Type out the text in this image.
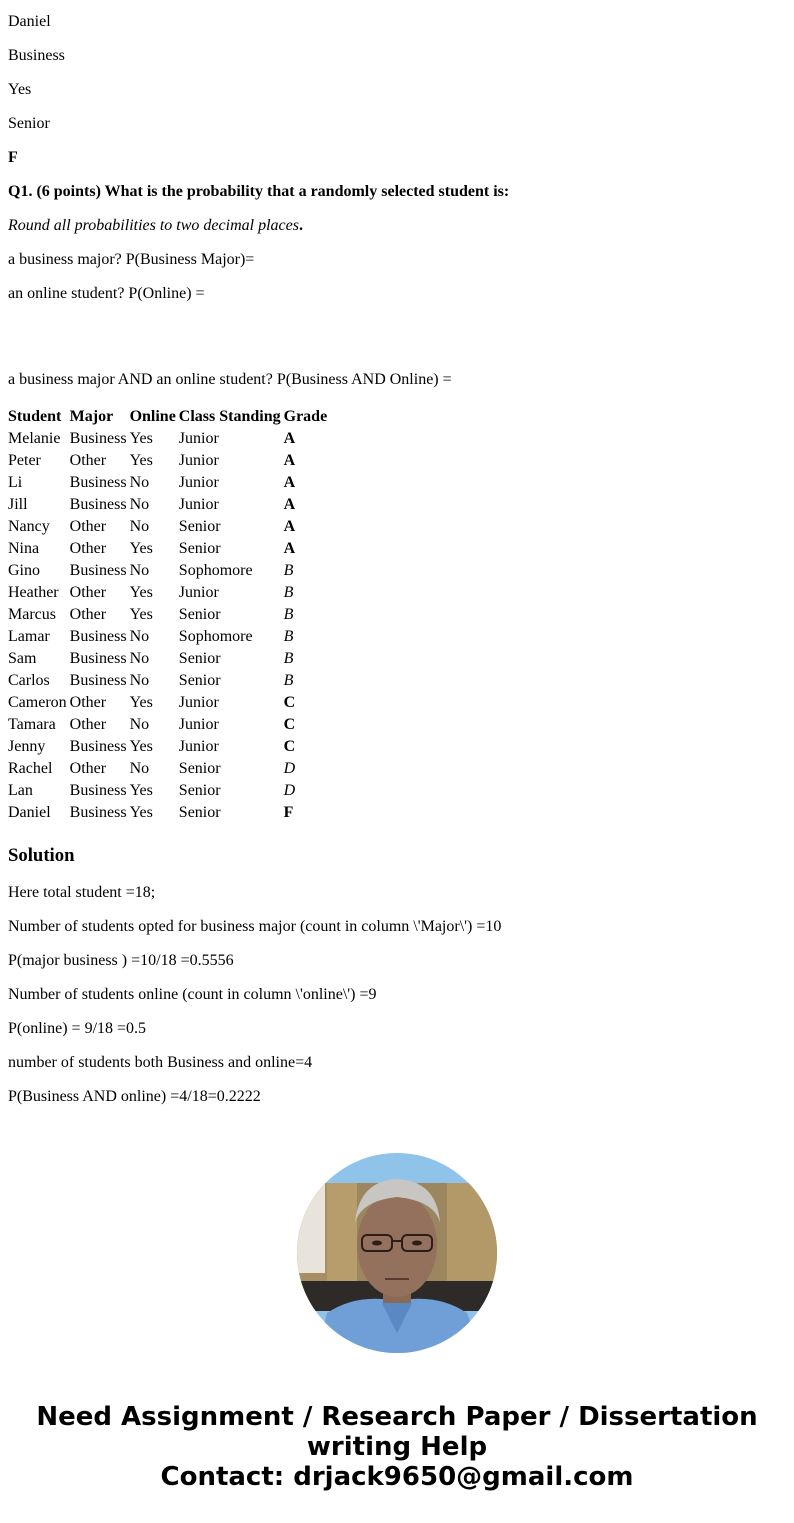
Daniel

Business

Yes

Senior

F

Q1. (6 points) What is the probability that a randomly selected student is:

Round all probabilities to two decimal places.

a business major? P(Business Major)=

an online student? P(Online) =

a business major AND an online student? P(Business AND Online) =

Student	Major	Online	Class Standing	Grade
Melanie	Business	Yes	Junior	A
Peter	Other	Yes	Junior	A
Li	Business	No	Junior	A
Jill	Business	No	Junior	A
Nancy	Other	No	Senior	A
Nina	Other	Yes	Senior	A
Gino	Business	No	Sophomore	B
Heather	Other	Yes	Junior	B
Marcus	Other	Yes	Senior	B
Lamar	Business	No	Sophomore	B
Sam	Business	No	Senior	B
Carlos	Business	No	Senior	B
Cameron	Other	Yes	Junior	C
Tamara	Other	No	Junior	C
Jenny	Business	Yes	Junior	C
Rachel	Other	No	Senior	D
Lan	Business	Yes	Senior	D
Daniel	Business	Yes	Senior	F
Solution

Here total student =18;

Number of students opted for business major (count in column \'Major\') =10

P(major business ) =10/18 =0.5556

Number of students online (count in column \'online\') =9

P(online) = 9/18 =0.5

number of students both Business and online=4

P(Business AND online) =4/18=0.2222

Need Assignment / Research Paper / Dissertation
writing Help
Contact: drjack9650@gmail.com
